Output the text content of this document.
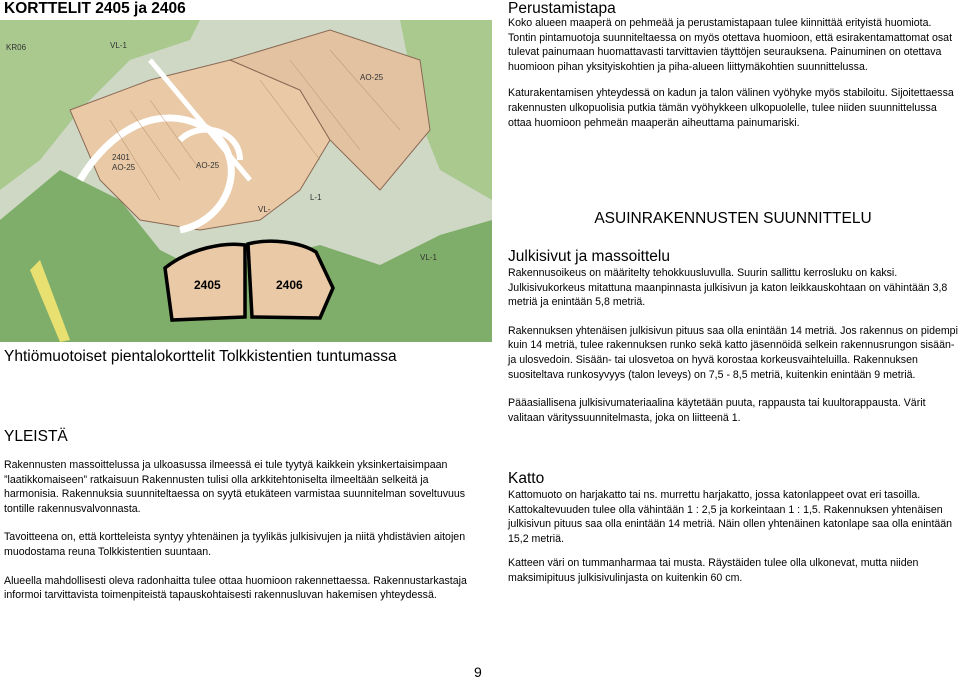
KORTTELIT 2405 ja 2406
2405	2406
KR06	VL-1
AO-25
2401
AO-25	AO-25
VL-
L-1
VL-1
Yhtiömuotoiset pientalokorttelit Tolkkistentien tuntumassa
YLEISTÄ

Rakennusten massoittelussa ja ulkoasussa ilmeessä ei tule tyytyä kaikkein yksinkertaisimpaan ”laatikkomaiseen” ratkaisuun Rakennusten tulisi olla arkkitehtoniselta ilmeeltään selkeitä ja harmonisia. Rakennuksia suunniteltaessa on syytä etukäteen varmistaa suunnitelman soveltuvuus tontille rakennusvalvonnasta.

Tavoitteena on, että kortteleista syntyy yhtenäinen ja tyylikäs julkisivujen ja niitä yhdistävien aitojen muodostama reuna Tolkkistentien suuntaan.

Alueella mahdollisesti oleva radonhaitta tulee ottaa huomioon rakennettaessa. Rakennustarkastaja informoi tarvittavista toimenpiteistä tapauskohtaisesti rakennusluvan hakemisen yhteydessä.

Perustamistapa

Koko alueen maaperä on pehmeää ja perustamistapaan tulee kiinnittää erityistä huomiota. Tontin pintamuotoja suunniteltaessa on myös otettava huomioon, että esirakentamattomat osat tulevat painumaan huomattavasti tarvittavien täyttöjen seurauksena. Painuminen on otettava huomioon pihan yksityiskohtien ja piha-alueen liittymäkohtien suunnittelussa.

Katurakentamisen yhteydessä on kadun ja talon välinen vyöhyke myös stabiloitu. Sijoitettaessa rakennusten ulkopuolisia putkia tämän vyöhykkeen ulkopuolelle, tulee niiden suunnittelussa ottaa huomioon pehmeän maaperän aiheuttama painumariski.

ASUINRAKENNUSTEN SUUNNITTELU
Julkisivut ja massoittelu

Rakennusoikeus on määritelty tehokkuusluvulla. Suurin sallittu kerrosluku on kaksi. Julkisivukorkeus mitattuna maanpinnasta julkisivun ja katon leikkauskohtaan on vähintään 3,8 metriä ja enintään 5,8 metriä.

Rakennuksen yhtenäisen julkisivun pituus saa olla enintään 14 metriä. Jos rakennus on pidempi kuin 14 metriä, tulee rakennuksen runko sekä katto jäsennöidä selkein rakennusrungon sisään- ja ulosvedoin. Sisään- tai ulosvetoa on hyvä korostaa korkeusvaihteluilla. Rakennuksen suositeltava runkosyvyys (talon leveys) on 7,5 - 8,5 metriä, kuitenkin enintään 9 metriä.

Pääasiallisena julkisivumateriaalina käytetään puuta, rappausta tai kuultorappausta. Värit valitaan värityssuunnitelmasta, joka on liitteenä 1.

Katto

Kattomuoto on harjakatto tai ns. murrettu harjakatto, jossa katonlappeet ovat eri tasoilla. Kattokaltevuuden tulee olla vähintään 1 : 2,5 ja korkeintaan 1 : 1,5. Rakennuksen yhtenäisen julkisivun pituus saa olla enintään 14 metriä. Näin ollen yhtenäinen katonlape saa olla enintään 15,2 metriä.

Katteen väri on tummanharmaa tai musta. Räystäiden tulee olla ulkonevat, mutta niiden maksimipituus julkisivulinjasta on kuitenkin 60 cm.

9
